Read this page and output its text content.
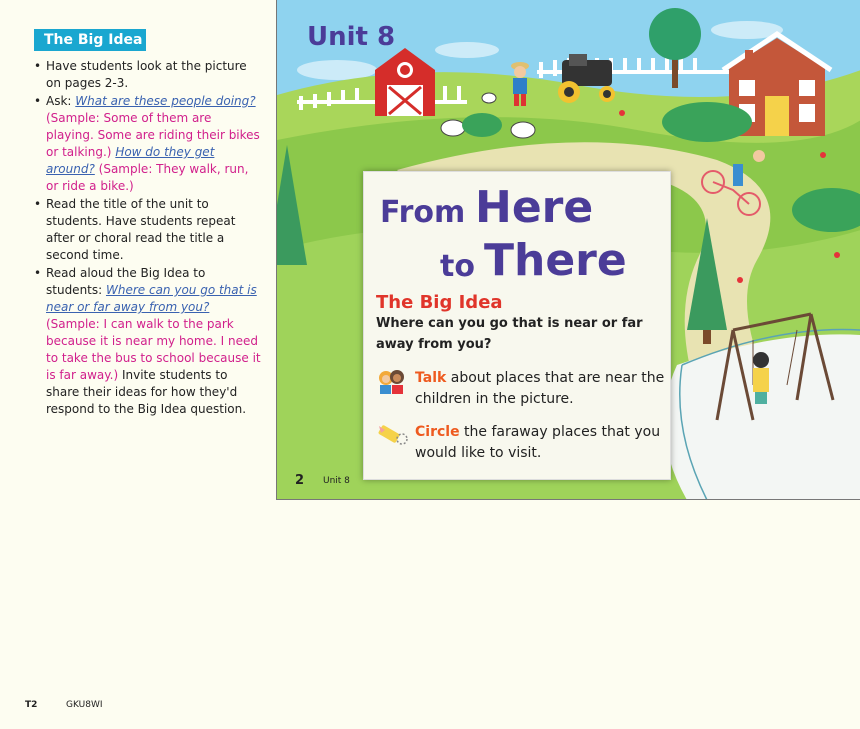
The Big Idea
• Have students look at the picture on pages 2-3.
• Ask: What are these people doing? (Sample: Some of them are playing. Some are riding their bikes or talking.) How do they get around? (Sample: They walk, run, or ride a bike.)
• Read the title of the unit to students. Have students repeat after or choral read the title a second time.
• Read aloud the Big Idea to students: Where can you go that is near or far away from you? (Sample: I can walk to the park because it is near my home. I need to take the bus to school because it is far away.) Invite students to share their ideas for how they'd respond to the Big Idea question.
T2	GKU8WI
Unit 8
From Here
to There
The Big Idea
Where can you go that is near or far away from you?
Talk about places that are near the children in the picture.
Circle the faraway places that you would like to visit.
2 Unit 8
